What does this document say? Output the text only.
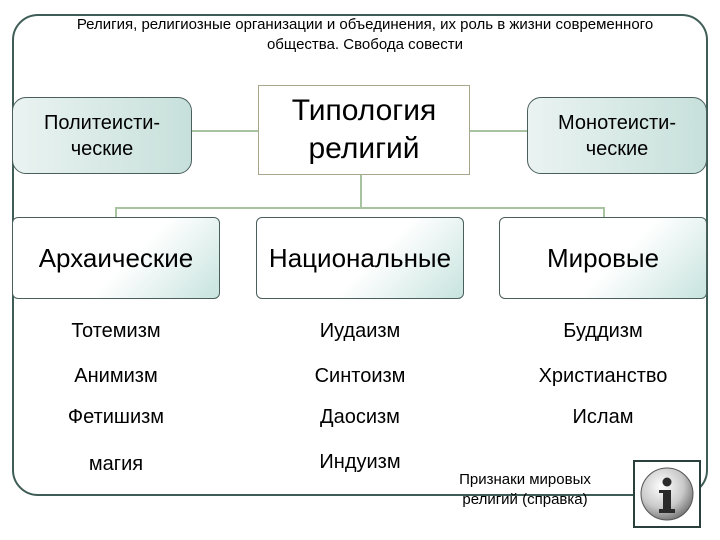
Религия, религиозные организации и объединения, их роль в жизни современного общества. Свобода совести
Политеисти-ческие
Типология религий
Монотеисти-ческие
Архаические	Национальные	Мировые
Тотемизм
Анимизм
Фетишизм
магия
Иудаизм
Синтоизм
Даосизм
Индуизм
Буддизм
Христианство
Ислам
Признаки мировых религий (справка)
